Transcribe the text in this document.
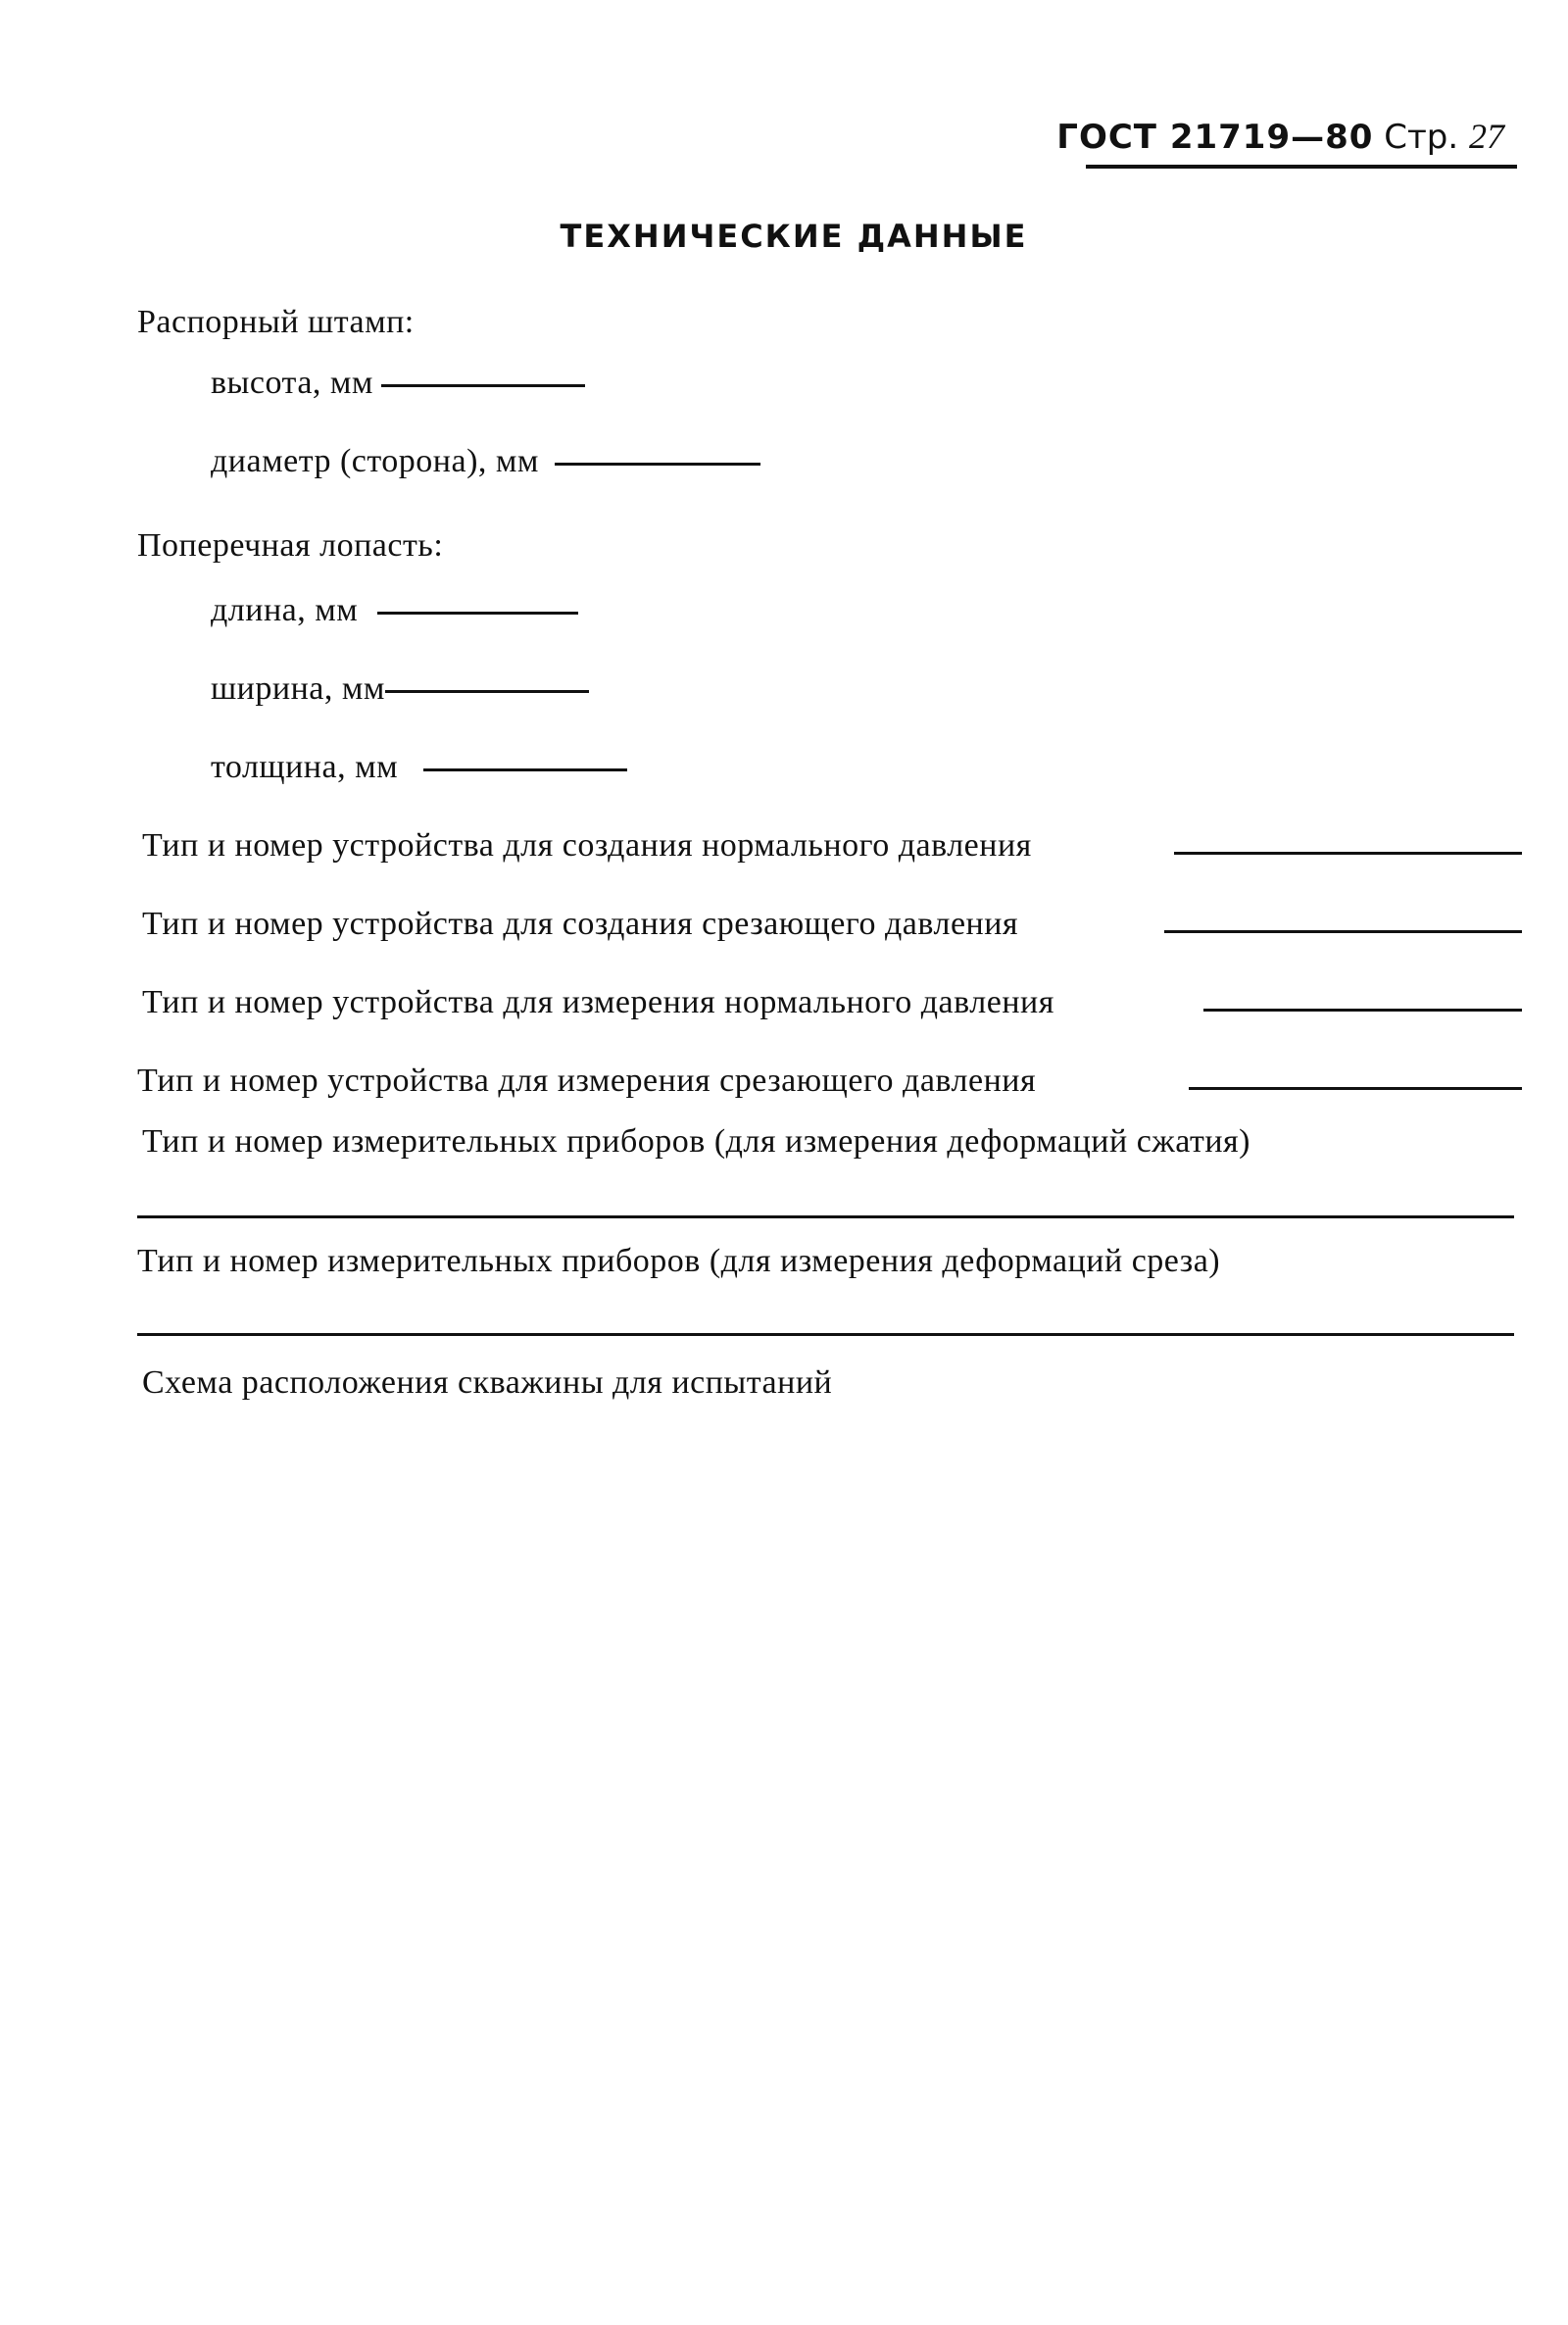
ГОСТ 21719—80 Стр. 27
ТЕХНИЧЕСКИЕ ДАННЫЕ
Распорный штамп:
высота, мм
диаметр (сторона), мм
Поперечная лопасть:
длина, мм
ширина, мм
толщина, мм
Тип и номер устройства для создания нормального давления
Тип и номер устройства для создания срезающего давления
Тип и номер устройства для измерения нормального давления
Тип и номер устройства для измерения срезающего давления
Тип и номер измерительных приборов (для измерения деформаций сжатия)
Тип и номер измерительных приборов (для измерения деформаций среза)
Схема расположения скважины для испытаний
